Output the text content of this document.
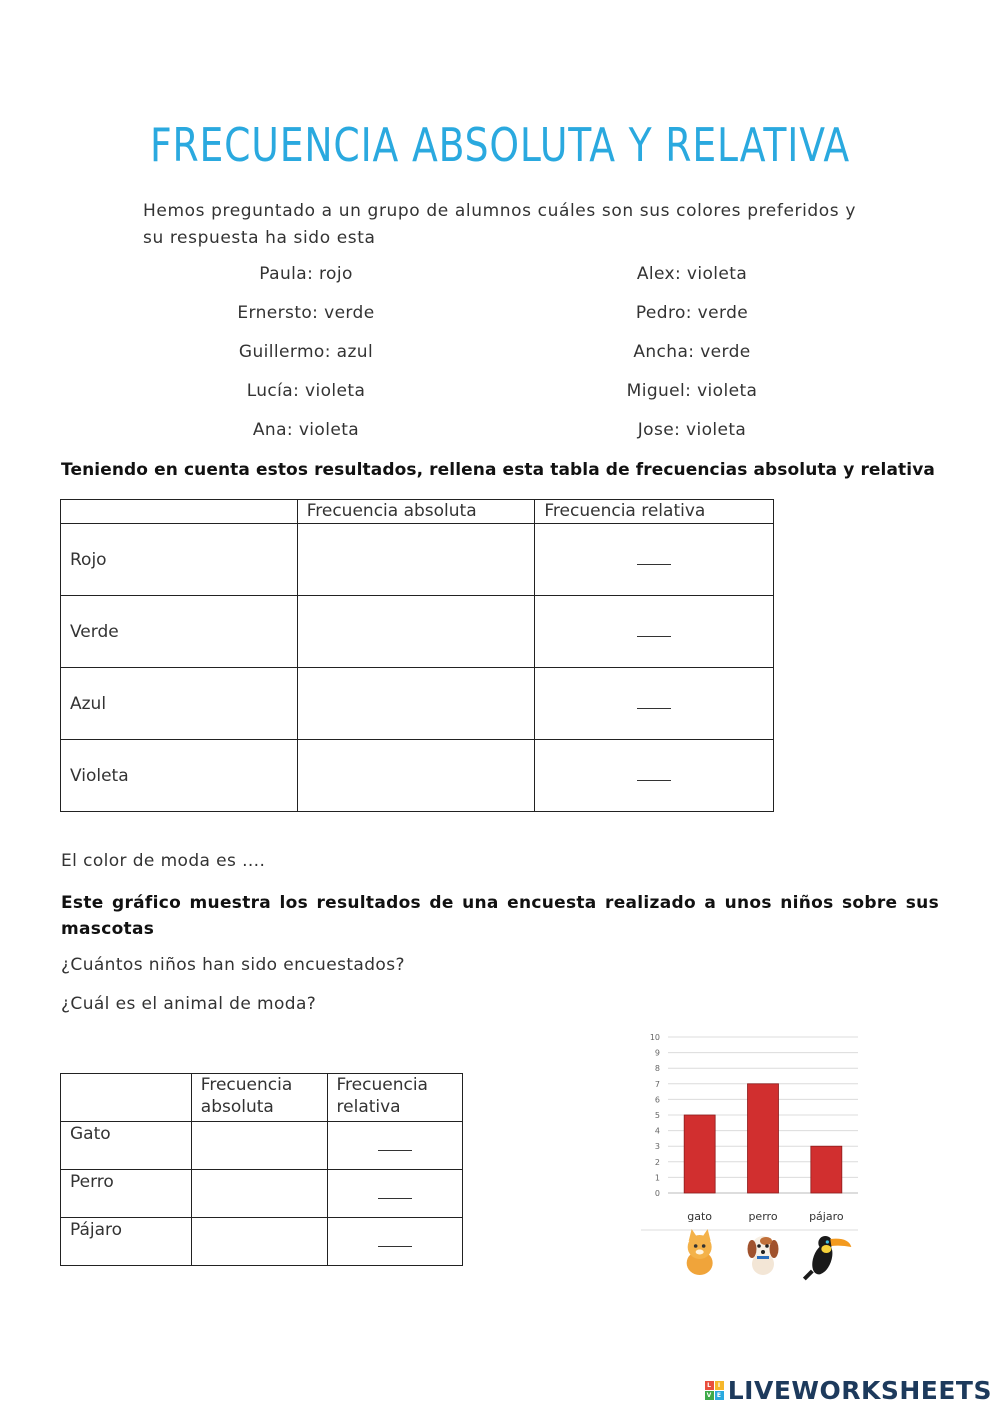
FRECUENCIA ABSOLUTA Y RELATIVA
Hemos preguntado a un grupo de alumnos cuáles son sus colores preferidos y su respuesta ha sido esta
Paula: rojo
Ernersto: verde
Guillermo: azul
Lucía: violeta
Ana: violeta
Alex: violeta
Pedro: verde
Ancha: verde
Miguel: violeta
Jose: violeta
Teniendo en cuenta estos resultados, rellena esta tabla de frecuencias absoluta y relativa
	Frecuencia absoluta	Frecuencia relativa
Rojo		
Verde		
Azul		
Violeta		
El color de moda es ....
Este gráfico muestra los resultados de una encuesta realizado a unos niños sobre sus mascotas
¿Cuántos niños han sido encuestados?
¿Cuál es el animal de moda?

	Frecuencia absoluta	Frecuencia relativa

Gato		
Perro		
Pájaro		
0
1
2
3
4
5
6
7
8
9
10
gato	perro	pájaro
L	I
V E LIVEWORKSHEETS
